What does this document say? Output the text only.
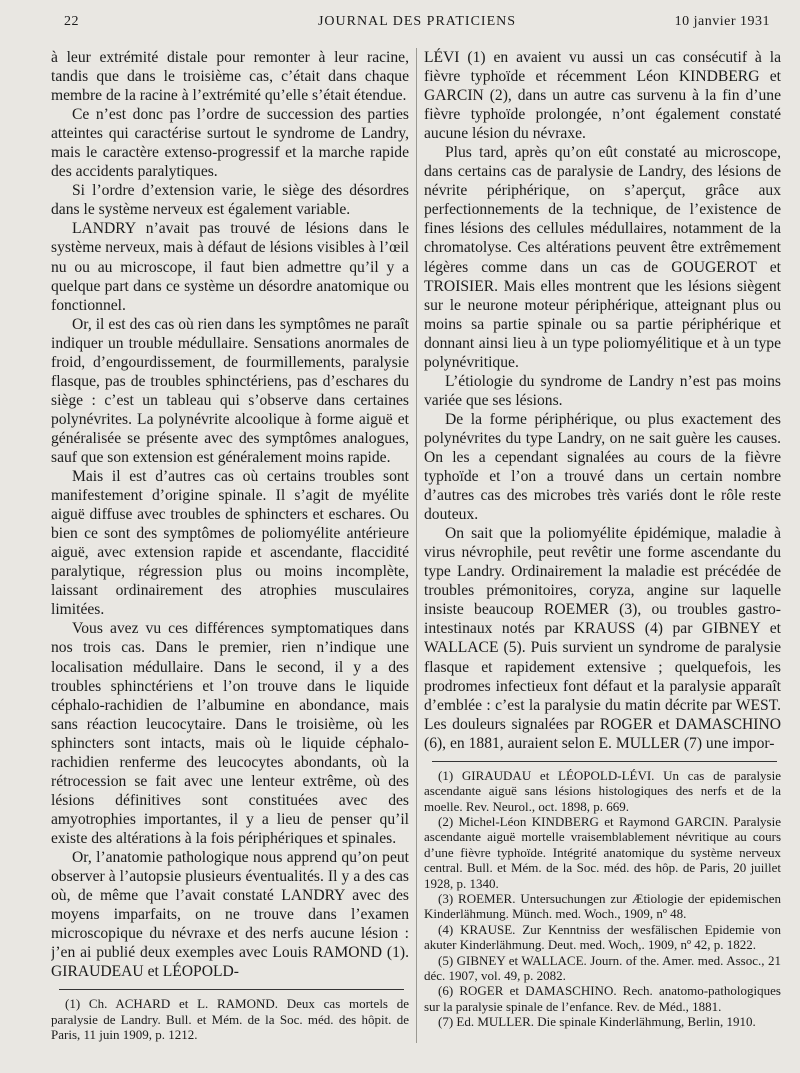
22	JOURNAL DES PRATICIENS	10 janvier 1931

à leur extrémité distale pour remonter à leur racine, tandis que dans le troisième cas, c’était dans chaque membre de la racine à l’extrémité qu’elle s’était étendue.

Ce n’est donc pas l’ordre de succession des parties atteintes qui caractérise surtout le syndrome de Landry, mais le caractère extenso-progressif et la marche rapide des accidents paralytiques.

Si l’ordre d’extension varie, le siège des désordres dans le système nerveux est également variable.

LANDRY n’avait pas trouvé de lésions dans le système nerveux, mais à défaut de lésions visibles à l’œil nu ou au microscope, il faut bien admettre qu’il y a quelque part dans ce système un désordre anatomique ou fonctionnel.

Or, il est des cas où rien dans les symptômes ne paraît indiquer un trouble médullaire. Sensations anormales de froid, d’engourdissement, de fourmillements, paralysie flasque, pas de troubles sphinctériens, pas d’eschares du siège : c’est un tableau qui s’observe dans certaines polynévrites. La polynévrite alcoolique à forme aiguë et généralisée se présente avec des symptômes analogues, sauf que son extension est généralement moins rapide.

Mais il est d’autres cas où certains troubles sont manifestement d’origine spinale. Il s’agit de myélite aiguë diffuse avec troubles de sphincters et eschares. Ou bien ce sont des symptômes de poliomyélite antérieure aiguë, avec extension rapide et ascendante, flaccidité paralytique, régression plus ou moins incomplète, laissant ordinairement des atrophies musculaires limitées.

Vous avez vu ces différences symptomatiques dans nos trois cas. Dans le premier, rien n’indique une localisation médullaire. Dans le second, il y a des troubles sphinctériens et l’on trouve dans le liquide céphalo-rachidien de l’albumine en abondance, mais sans réaction leucocytaire. Dans le troisième, où les sphincters sont intacts, mais où le liquide céphalo-rachidien renferme des leucocytes abondants, où la rétrocession se fait avec une lenteur extrême, où des lésions définitives sont constituées avec des amyotrophies importantes, il y a lieu de penser qu’il existe des altérations à la fois périphériques et spinales.

Or, l’anatomie pathologique nous apprend qu’on peut observer à l’autopsie plusieurs éventualités. Il y a des cas où, de même que l’avait constaté LANDRY avec des moyens imparfaits, on ne trouve dans l’examen microscopique du névraxe et des nerfs aucune lésion : j’en ai publié deux exemples avec Louis RAMOND (1). GIRAUDEAU et LÉOPOLD-

(1) Ch. ACHARD et L. RAMOND. Deux cas mortels de paralysie de Landry. Bull. et Mém. de la Soc. méd. des hôpit. de Paris, 11 juin 1909, p. 1212.

LÉVI (1) en avaient vu aussi un cas consécutif à la fièvre typhoïde et récemment Léon KINDBERG et GARCIN (2), dans un autre cas survenu à la fin d’une fièvre typhoïde prolongée, n’ont également constaté aucune lésion du névraxe.

Plus tard, après qu’on eût constaté au microscope, dans certains cas de paralysie de Landry, des lésions de névrite périphérique, on s’aperçut, grâce aux perfectionnements de la technique, de l’existence de fines lésions des cellules médullaires, notamment de la chromatolyse. Ces altérations peuvent être extrêmement légères comme dans un cas de GOUGEROT et TROISIER. Mais elles montrent que les lésions siègent sur le neurone moteur périphérique, atteignant plus ou moins sa partie spinale ou sa partie périphérique et donnant ainsi lieu à un type poliomyélitique et à un type polynévritique.

L’étiologie du syndrome de Landry n’est pas moins variée que ses lésions.

De la forme périphérique, ou plus exactement des polynévrites du type Landry, on ne sait guère les causes. On les a cependant signalées au cours de la fièvre typhoïde et l’on a trouvé dans un certain nombre d’autres cas des microbes très variés dont le rôle reste douteux.

On sait que la poliomyélite épidémique, maladie à virus névrophile, peut revêtir une forme ascendante du type Landry. Ordinairement la maladie est précédée de troubles prémonitoires, coryza, angine sur laquelle insiste beaucoup ROEMER (3), ou troubles gastro-intestinaux notés par KRAUSS (4) par GIBNEY et WALLACE (5). Puis survient un syndrome de paralysie flasque et rapidement extensive ; quelquefois, les prodromes infectieux font défaut et la paralysie apparaît d’emblée : c’est la paralysie du matin décrite par WEST. Les douleurs signalées par ROGER et DAMASCHINO (6), en 1881, auraient selon E. MULLER (7) une impor-

(1) GIRAUDAU et LÉOPOLD-LÉVI. Un cas de paralysie ascendante aiguë sans lésions histologiques des nerfs et de la moelle. Rev. Neurol., oct. 1898, p. 669.

(2) Michel-Léon KINDBERG et Raymond GARCIN. Paralysie ascendante aiguë mortelle vraisemblablement névritique au cours d’une fièvre typhoïde. Intégrité anatomique du système nerveux central. Bull. et Mém. de la Soc. méd. des hôp. de Paris, 20 juillet 1928, p. 1340.

(3) ROEMER. Untersuchungen zur Ætiologie der epidemischen Kinderlähmung. Münch. med. Woch., 1909, nº 48.

(4) KRAUSE. Zur Kenntniss der wesfälischen Epidemie von akuter Kinderlähmung. Deut. med. Woch,. 1909, nº 42, p. 1822.

(5) GIBNEY et WALLACE. Journ. of the. Amer. med. Assoc., 21 déc. 1907, vol. 49, p. 2082.

(6) ROGER et DAMASCHINO. Rech. anatomo-pathologiques sur la paralysie spinale de l’enfance. Rev. de Méd., 1881.

(7) Ed. MULLER. Die spinale Kinderlähmung, Berlin, 1910.
